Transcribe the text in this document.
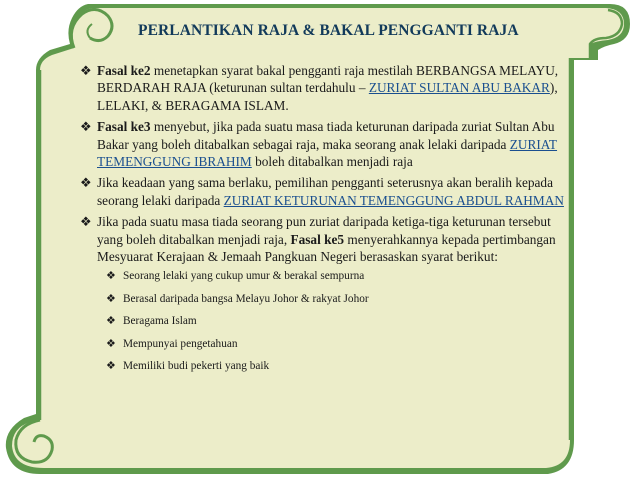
PERLANTIKAN RAJA & BAKAL PENGGANTI RAJA
❖ Fasal ke2 menetapkan syarat bakal pengganti raja mestilah BERBANGSA MELAYU, BERDARAH RAJA (keturunan sultan terdahulu – ZURIAT SULTAN ABU BAKAR), LELAKI, & BERAGAMA ISLAM.
❖ Fasal ke3 menyebut, jika pada suatu masa tiada keturunan daripada zuriat Sultan Abu Bakar yang boleh ditabalkan sebagai raja, maka seorang anak lelaki daripada ZURIAT TEMENGGUNG IBRAHIM boleh ditabalkan menjadi raja
❖ Jika keadaan yang sama berlaku, pemilihan pengganti seterusnya akan beralih kepada seorang lelaki daripada ZURIAT KETURUNAN TEMENGGUNG ABDUL RAHMAN
❖ Jika pada suatu masa tiada seorang pun zuriat daripada ketiga-tiga keturunan tersebut yang boleh ditabalkan menjadi raja, Fasal ke5 menyerahkannya kepada pertimbangan Mesyuarat Kerajaan & Jemaah Pangkuan Negeri berasaskan syarat berikut:
❖ Seorang lelaki yang cukup umur & berakal sempurna
❖ Berasal daripada bangsa Melayu Johor & rakyat Johor
❖ Beragama Islam
❖ Mempunyai pengetahuan
❖ Memiliki budi pekerti yang baik
